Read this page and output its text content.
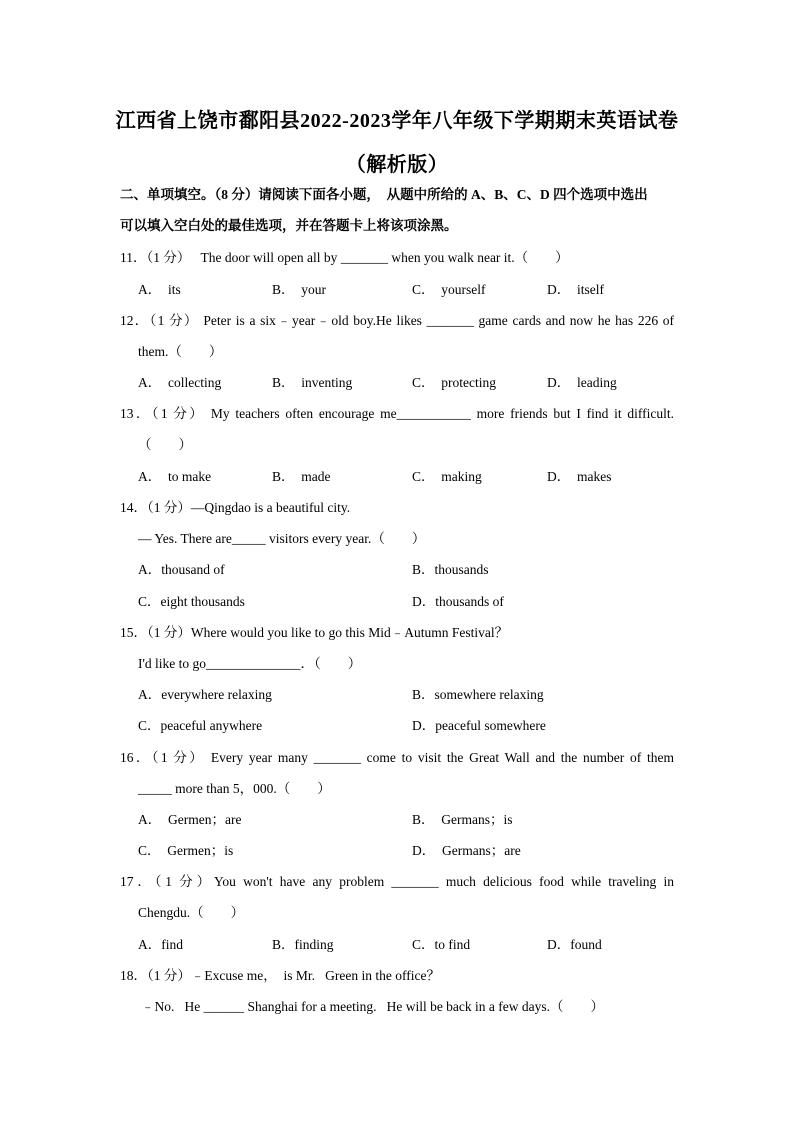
江西省上饶市鄱阳县2022-2023学年八年级下学期期末英语试卷
（解析版）
二、单项填空。（8 分）请阅读下面各小题，  从题中所给的 A、B、C、D 四个选项中选出
可以填入空白处的最佳选项，并在答题卡上将该项涂黑。
11．（1 分）   The door will open all by _______ when you walk near it.（　　）
A．  its	B．  your	C．  yourself	D．  itself
12．（1 分） Peter is a six﹣year﹣old boy.He likes _______ game cards and now he has 226 of
them.（　　）
A．  collecting	B．  inventing	C．  protecting	D．  leading
13．（1 分） My teachers often encourage me___________ more friends but I find it difficult.
（　　）
A．  to make	B．  made	C．  making	D．  makes
14．（1 分）—Qingdao is a beautiful city.
— Yes. There are_____ visitors every year.（　　）
A．thousand of	B．thousands
C．eight thousands	D．thousands of
15．（1 分）Where would you like to go this Mid﹣Autumn Festival？
I'd like to go______________．（　　）
A．everywhere relaxing	B．somewhere relaxing
C．peaceful anywhere	D．peaceful somewhere
16．（1 分） Every year many _______ come to visit the Great Wall and the number of them
_____ more than 5，000.（　　）
A．  Germen；are	B．  Germans；is
C．  Germen；is	D．  Germans；are
17．（1 分）You won't have any problem _______ much delicious food while traveling in
Chengdu.（　　）
A．find	B．finding	C．to find	D．found
18．（1 分）﹣Excuse me，  is Mr.   Green in the office？
﹣No.   He ______ Shanghai for a meeting.   He will be back in a few days.（　　）
